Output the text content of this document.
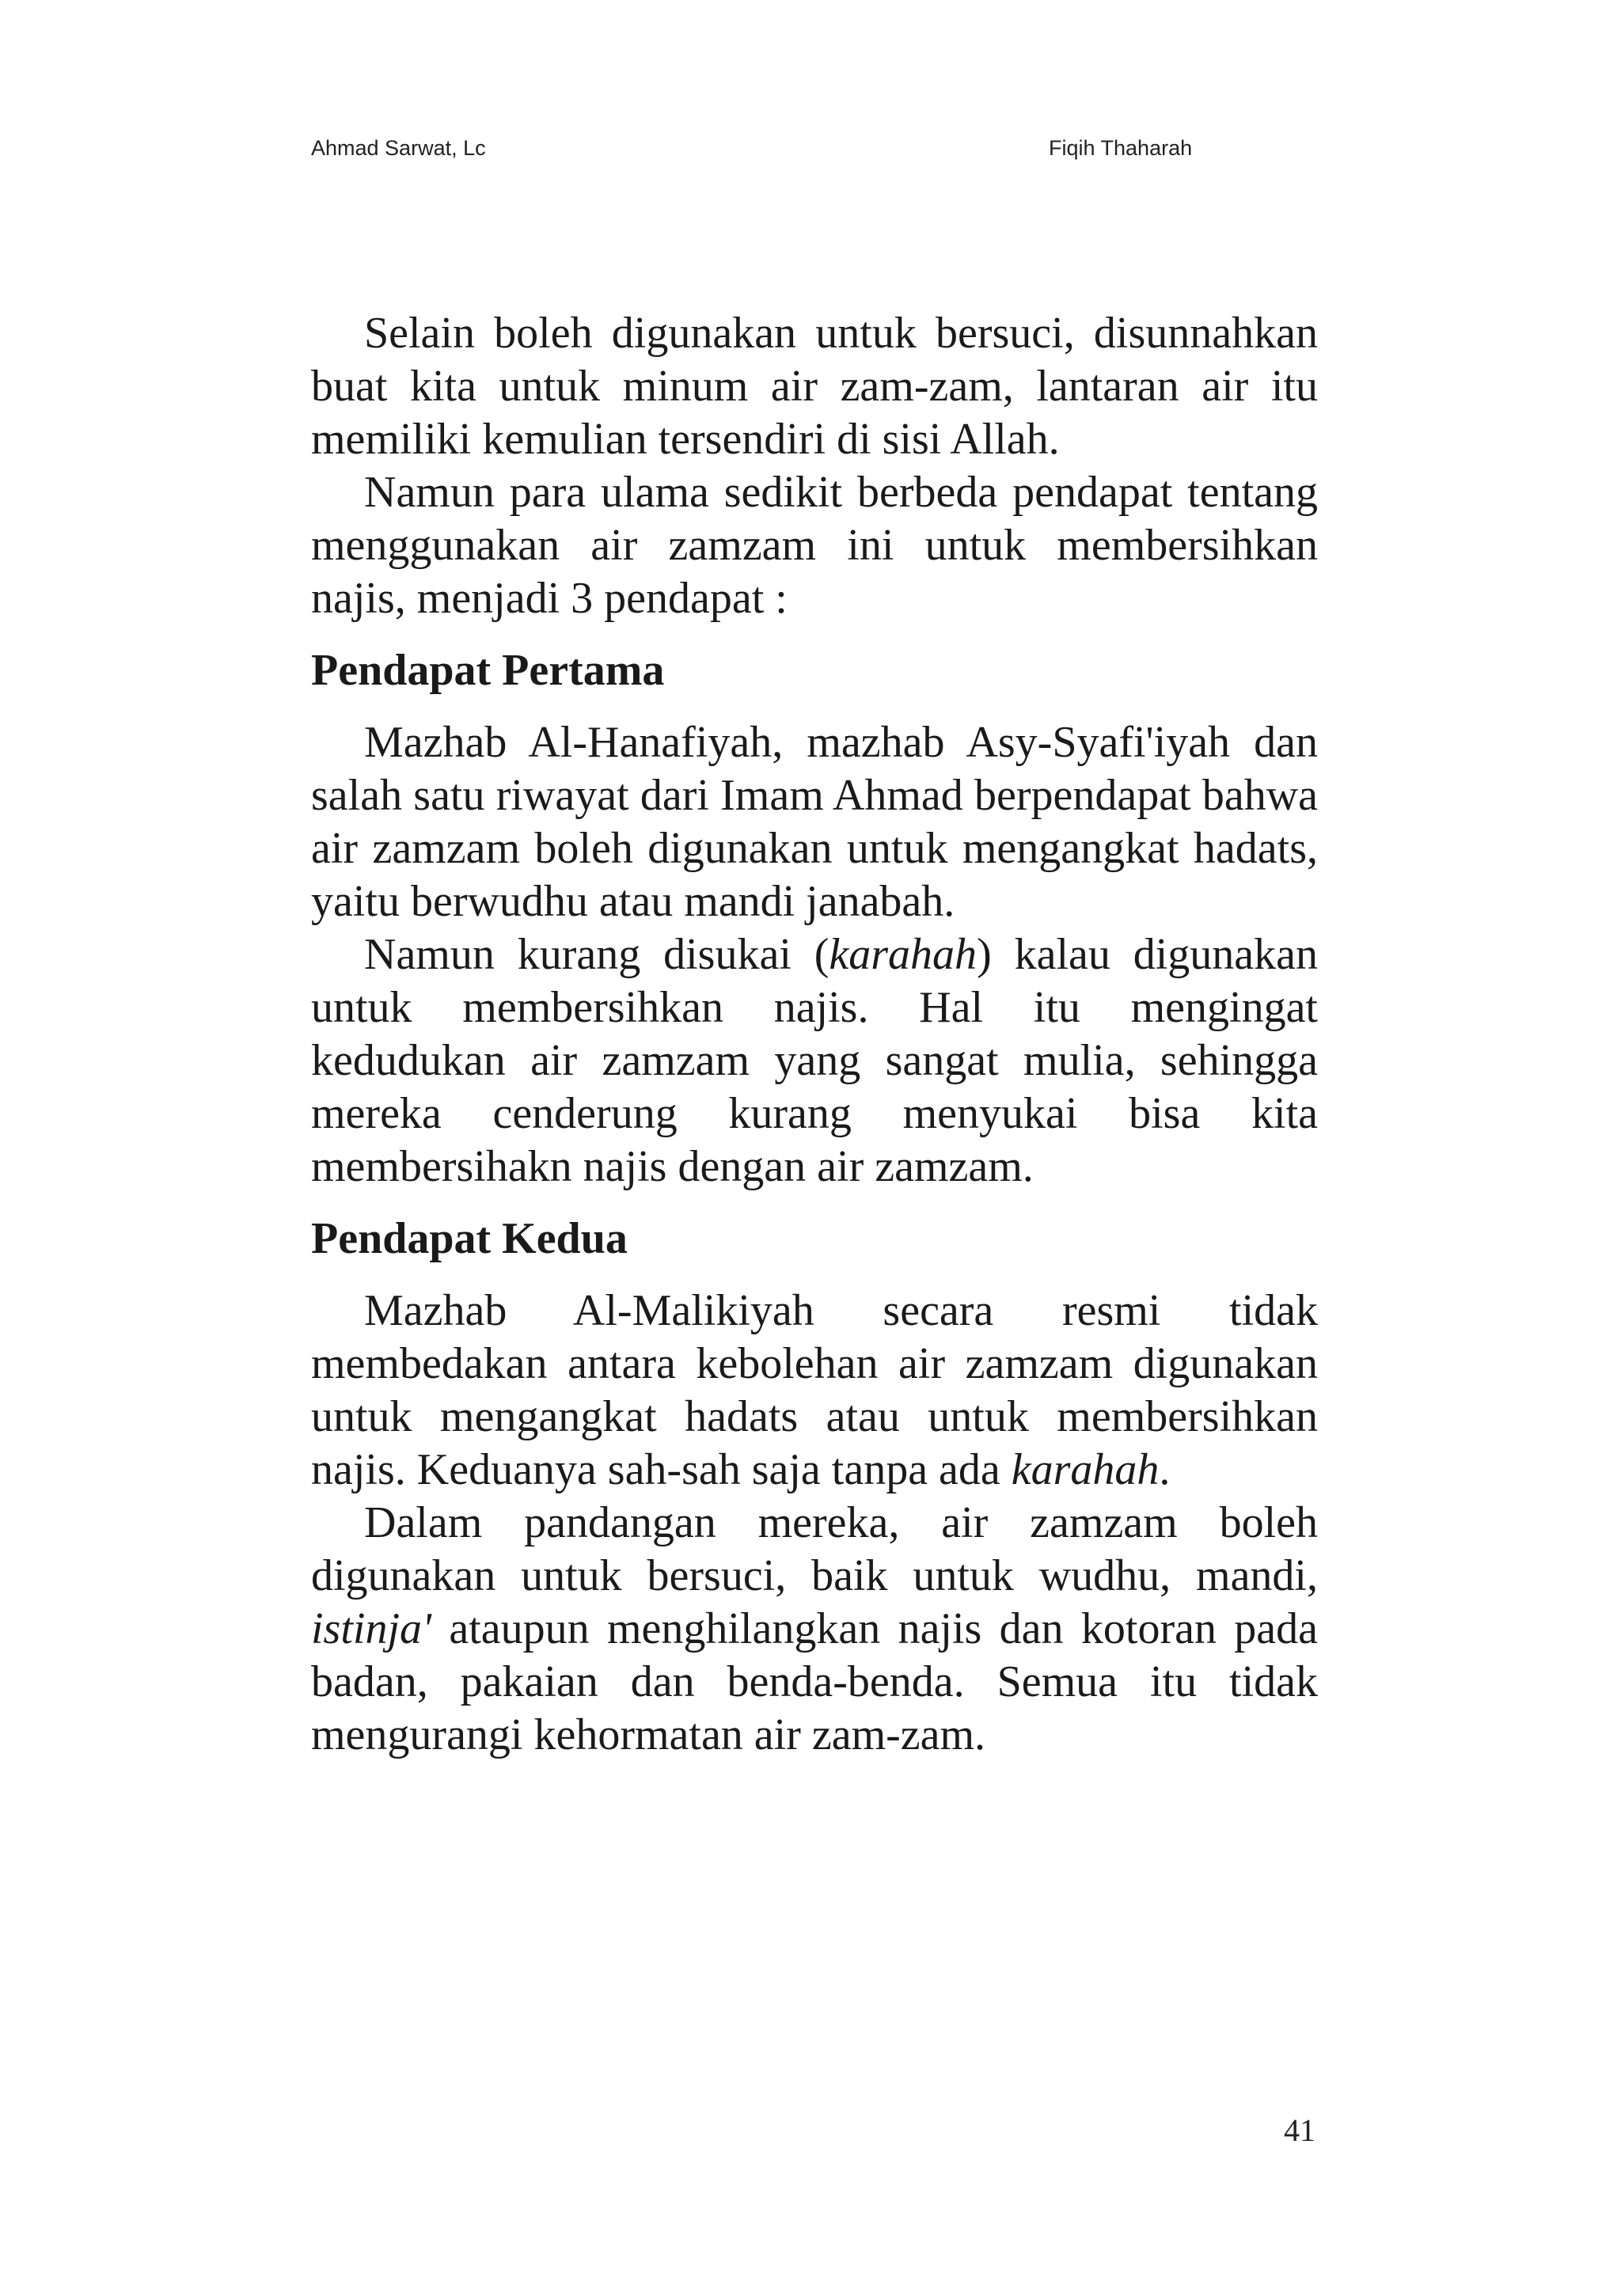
Ahmad Sarwat, Lc	Fiqih Thaharah

Selain boleh digunakan untuk bersuci, disunnahkan buat kita untuk minum air zam-zam, lantaran air itu memiliki kemulian tersendiri di sisi Allah.

Namun para ulama sedikit berbeda pendapat tentang menggunakan air zamzam ini untuk membersihkan najis, menjadi 3 pendapat :

Pendapat Pertama

Mazhab Al-Hanafiyah, mazhab Asy-Syafi'iyah dan salah satu riwayat dari Imam Ahmad berpendapat bahwa air zamzam boleh digunakan untuk mengangkat hadats, yaitu berwudhu atau mandi janabah.

Namun kurang disukai (karahah) kalau digunakan untuk membersihkan najis. Hal itu mengingat kedudukan air zamzam yang sangat mulia, sehingga mereka cenderung kurang menyukai bisa kita membersihakn najis dengan air zamzam.

Pendapat Kedua

Mazhab Al-Malikiyah secara resmi tidak membedakan antara kebolehan air zamzam digunakan untuk mengangkat hadats atau untuk membersihkan najis. Keduanya sah-sah saja tanpa ada karahah.

Dalam pandangan mereka, air zamzam boleh digunakan untuk bersuci, baik untuk wudhu, mandi, istinja' ataupun menghilangkan najis dan kotoran pada badan, pakaian dan benda-benda. Semua itu tidak mengurangi kehormatan air zam-zam.

41
